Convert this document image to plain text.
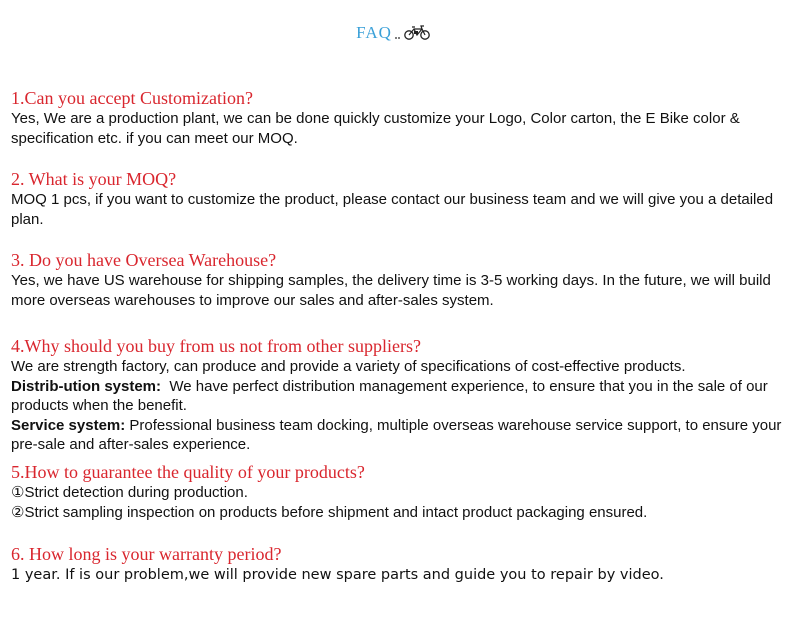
FAQ
1.Can you accept Customization?
Yes, We are a production plant, we can be done quickly customize your Logo, Color carton, the E Bike color & specification etc. if you can meet our MOQ.
2. What is your MOQ?
MOQ 1 pcs, if you want to customize the product, please contact our business team and we will give you a detailed plan.
3. Do you have Oversea Warehouse?
Yes, we have US warehouse for shipping samples, the delivery time is 3-5 working days. In the future, we will build more overseas warehouses to improve our sales and after-sales system.
4.Why should you buy from us not from other suppliers?
We are strength factory, can produce and provide a variety of specifications of cost-effective products.
Distrib-ution system: We have perfect distribution management experience, to ensure that you in the sale of our products when the benefit.
Service system: Professional business team docking, multiple overseas warehouse service support, to ensure your pre-sale and after-sales experience.
5.How to guarantee the quality of your products?
①Strict detection during production.
②Strict sampling inspection on products before shipment and intact product packaging ensured.
6. How long is your warranty period?
1 year. If is our problem,we will provide new spare parts and guide you to repair by video.
